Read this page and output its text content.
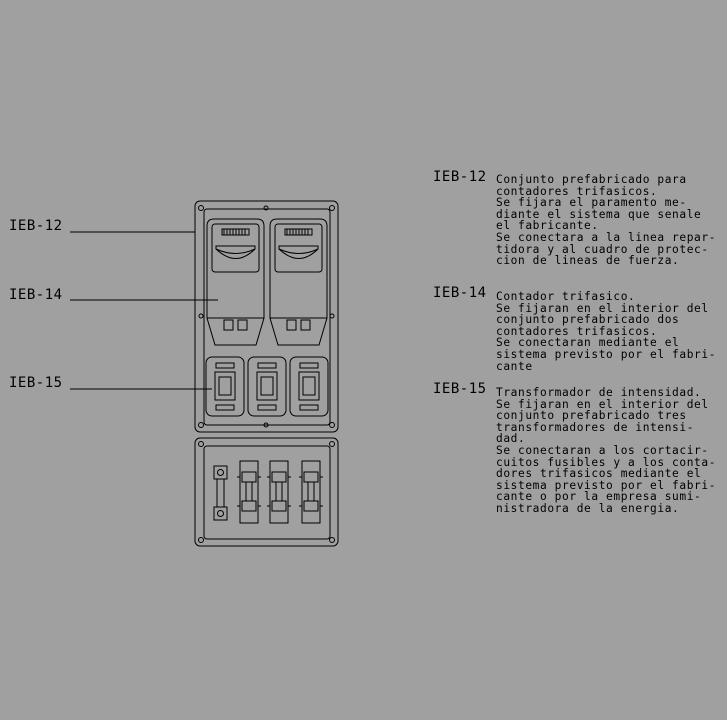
IEB-12
IEB-14
IEB-15
IEB-12 Conjunto prefabricado para
contadores trifasicos.
Se fijara el paramento me-
diante el sistema que senale
el fabricante.
Se conectara a la linea repar-
tidora y al cuadro de protec-
cion de lineas de fuerza.
IEB-14 Contador trifasico.
Se fijaran en el interior del
conjunto prefabricado dos
contadores trifasicos.
Se conectaran mediante el
sistema previsto por el fabri-
cante
IEB-15 Transformador de intensidad.
Se fijaran en el interior del
conjunto prefabricado tres
transformadores de intensi-
dad.
Se conectaran a los cortacir-
cuitos fusibles y a los conta-
dores trifasicos mediante el
sistema previsto por el fabri-
cante o por la empresa sumi-
nistradora de la energia.
